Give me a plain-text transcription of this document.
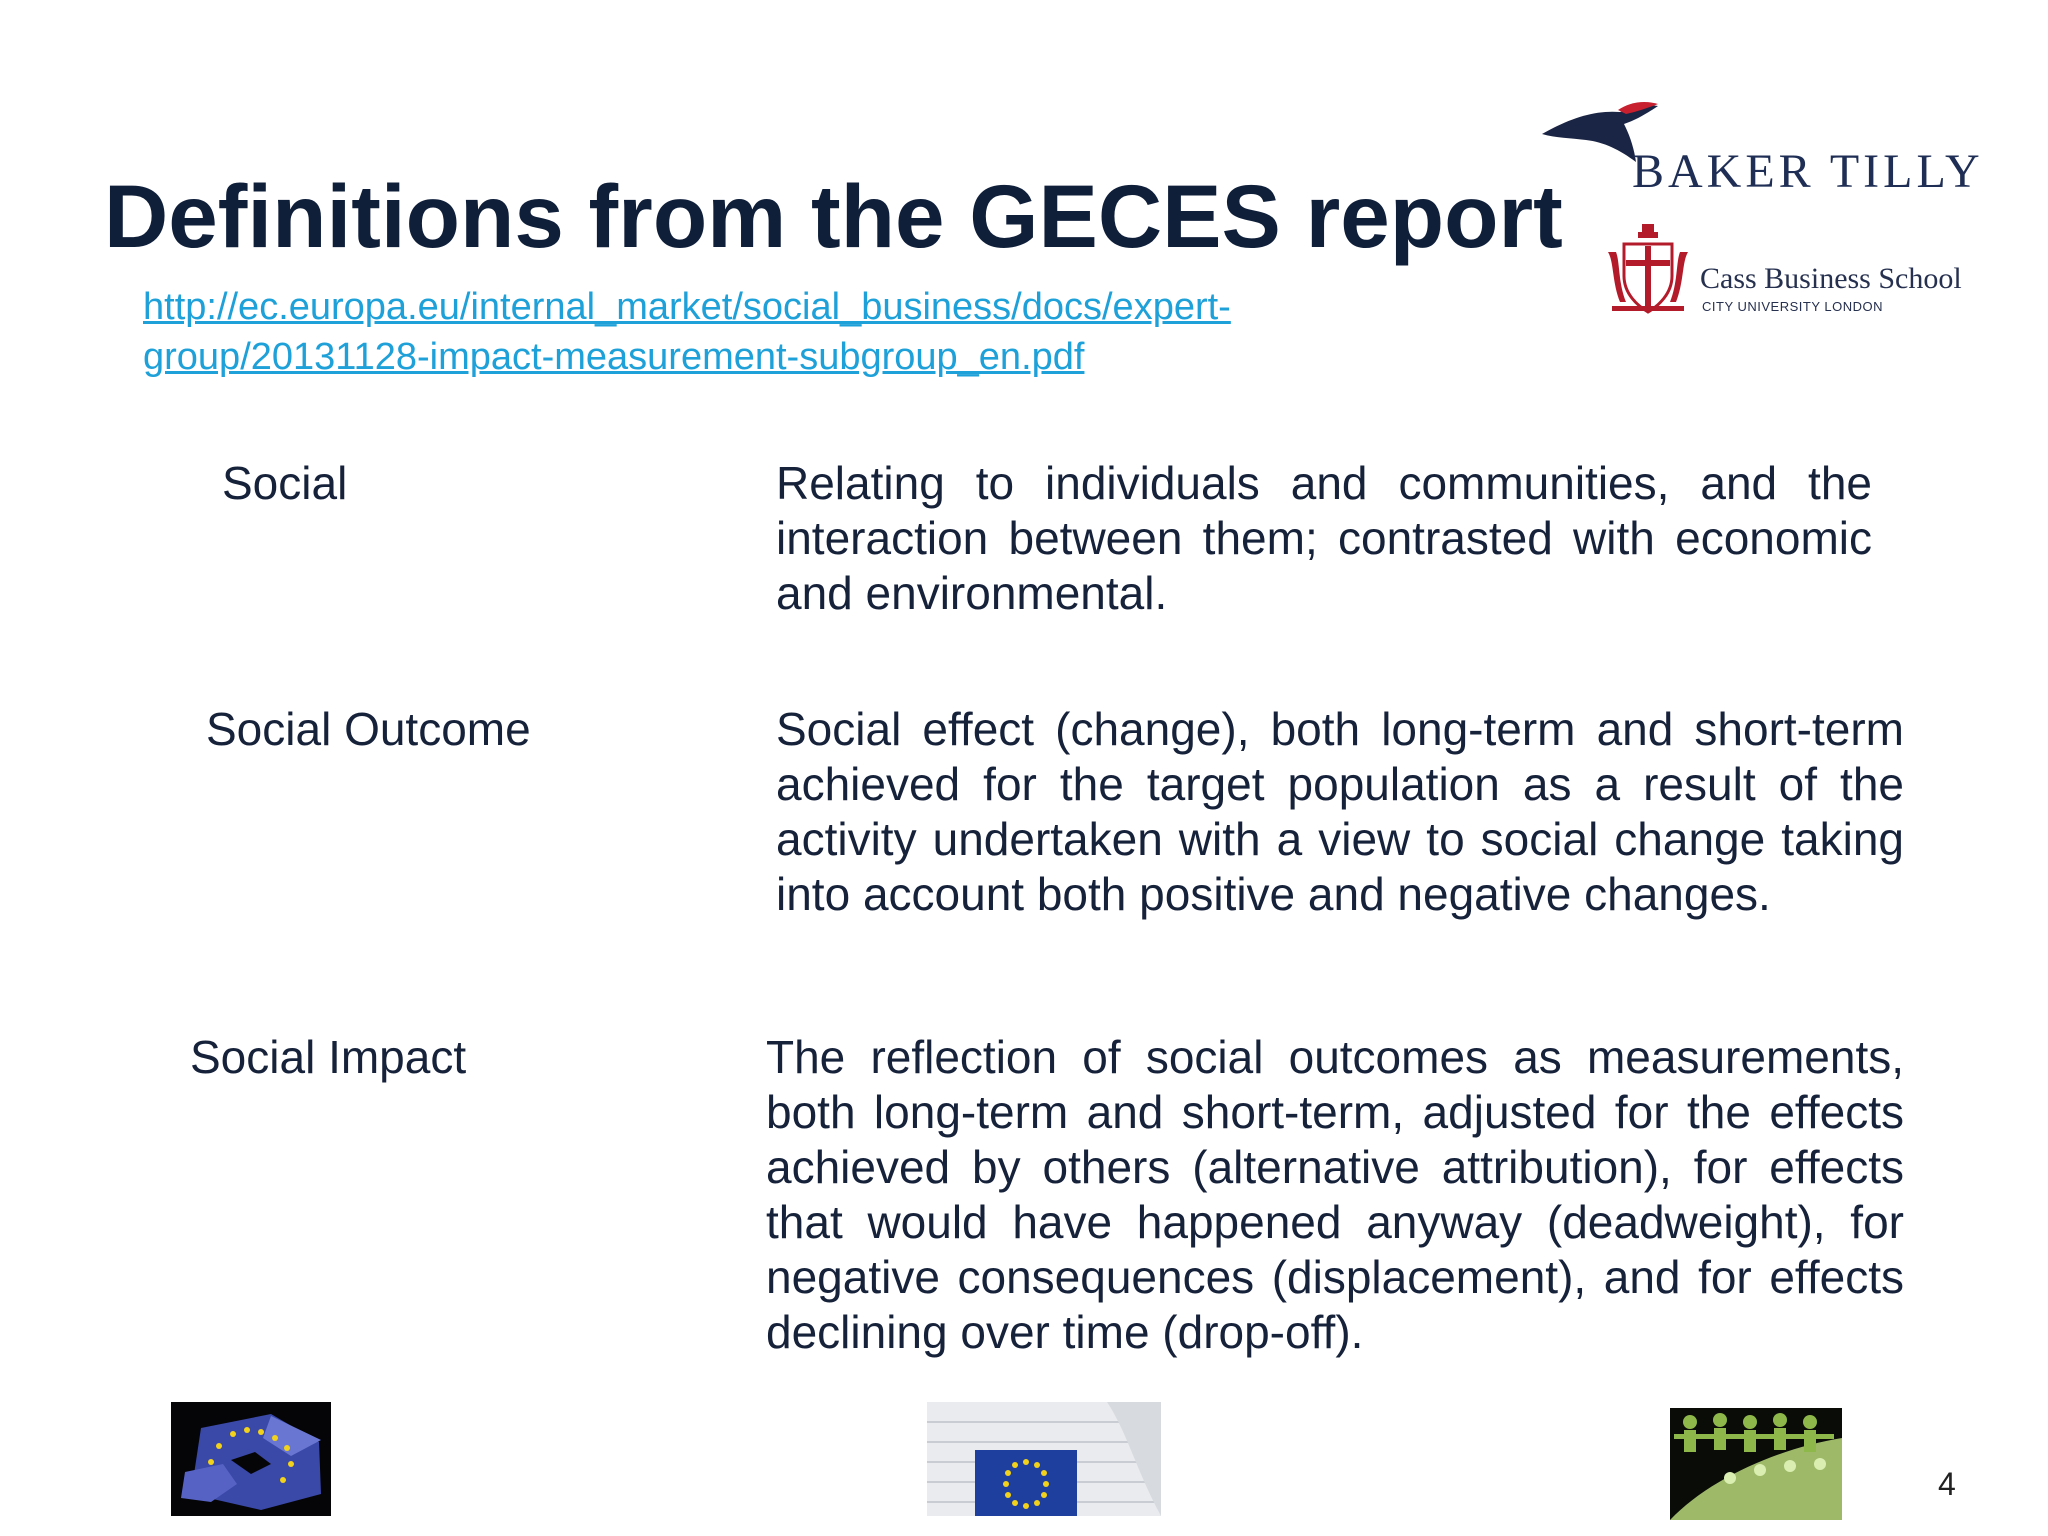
Definitions from the GECES report
http://ec.europa.eu/internal_market/social_business/docs/expert-
group/20131128-impact-measurement-subgroup_en.pdf
BAKER TILLY
Cass Business School
CITY UNIVERSITY LONDON
Social	Relating to individuals and communities, and the
interaction between them; contrasted with economic
and environmental.
Social Outcome	Social effect (change), both long-term and short-term
achieved for the target population as a result of the
activity undertaken with a view to social change taking
into account both positive and negative changes.
Social Impact	The reflection of social outcomes as measurements,
both long-term and short-term, adjusted for the effects
achieved by others (alternative attribution), for effects
that would have happened anyway (deadweight), for
negative consequences (displacement), and for effects
declining over time (drop-off).
4
